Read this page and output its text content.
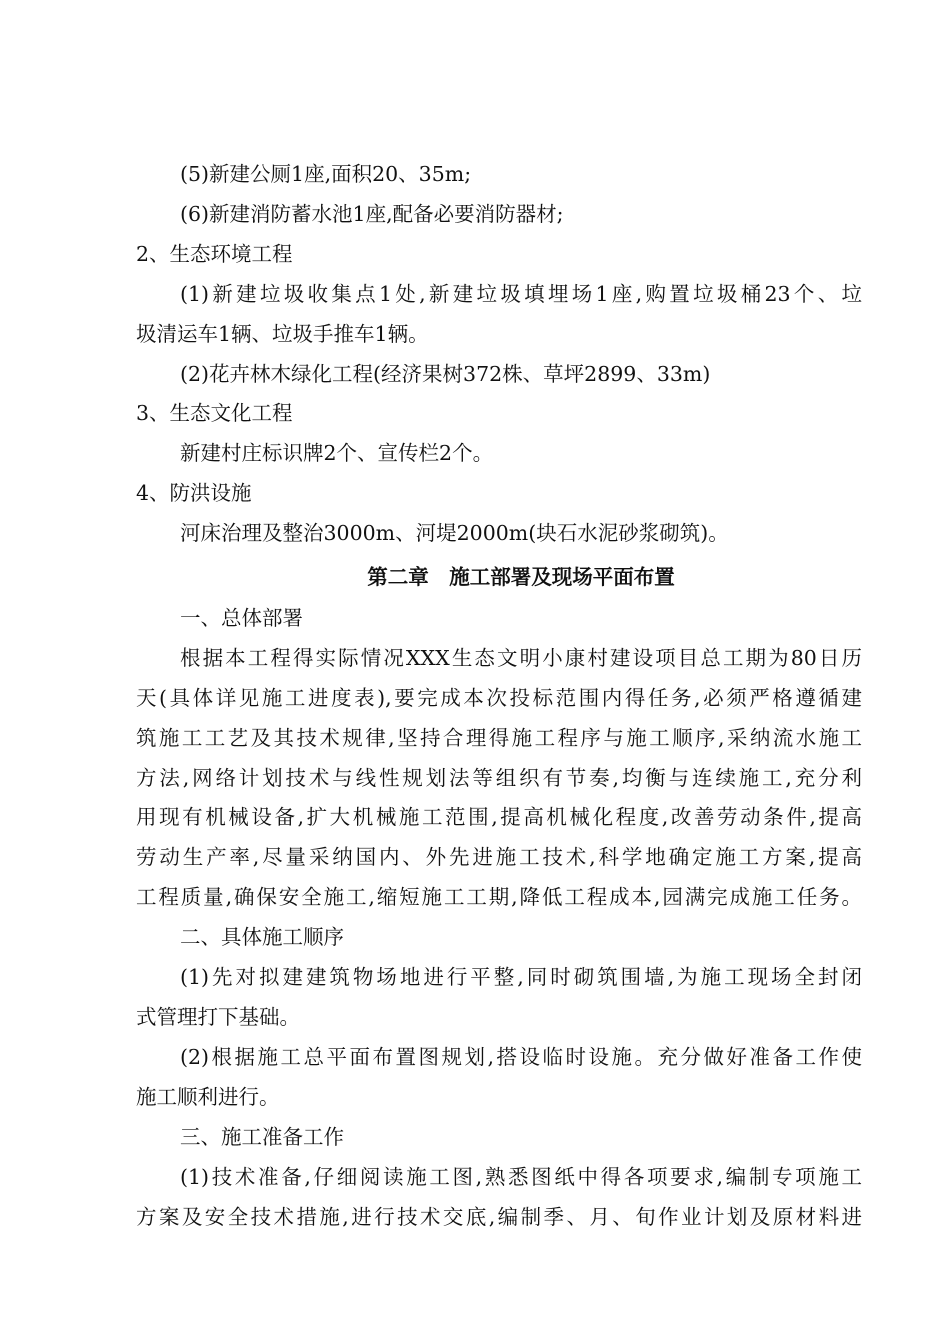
(5)新建公厕1座,面积20、35m;
(6)新建消防蓄水池1座,配备必要消防器材;
2、生态环境工程
(1)新建垃圾收集点1处,新建垃圾填埋场1座,购置垃圾桶23个、垃
圾清运车1辆、垃圾手推车1辆。
(2)花卉林木绿化工程(经济果树372株、草坪2899、33m)
3、生态文化工程
新建村庄标识牌2个、宣传栏2个。
4、防洪设施
河床治理及整治3000m、河堤2000m(块石水泥砂浆砌筑)。
第二章　施工部署及现场平面布置
一、总体部署
根据本工程得实际情况XXX生态文明小康村建设项目总工期为80日历
天(具体详见施工进度表),要完成本次投标范围内得任务,必须严格遵循建
筑施工工艺及其技术规律,坚持合理得施工程序与施工顺序,采纳流水施工
方法,网络计划技术与线性规划法等组织有节奏,均衡与连续施工,充分利
用现有机械设备,扩大机械施工范围,提高机械化程度,改善劳动条件,提高
劳动生产率,尽量采纳国内、外先进施工技术,科学地确定施工方案,提高
工程质量,确保安全施工,缩短施工工期,降低工程成本,园满完成施工任务。
二、具体施工顺序
(1)先对拟建建筑物场地进行平整,同时砌筑围墙,为施工现场全封闭
式管理打下基础。
(2)根据施工总平面布置图规划,搭设临时设施。充分做好准备工作使
施工顺利进行。
三、施工准备工作
(1)技术准备,仔细阅读施工图,熟悉图纸中得各项要求,编制专项施工
方案及安全技术措施,进行技术交底,编制季、月、旬作业计划及原材料进
